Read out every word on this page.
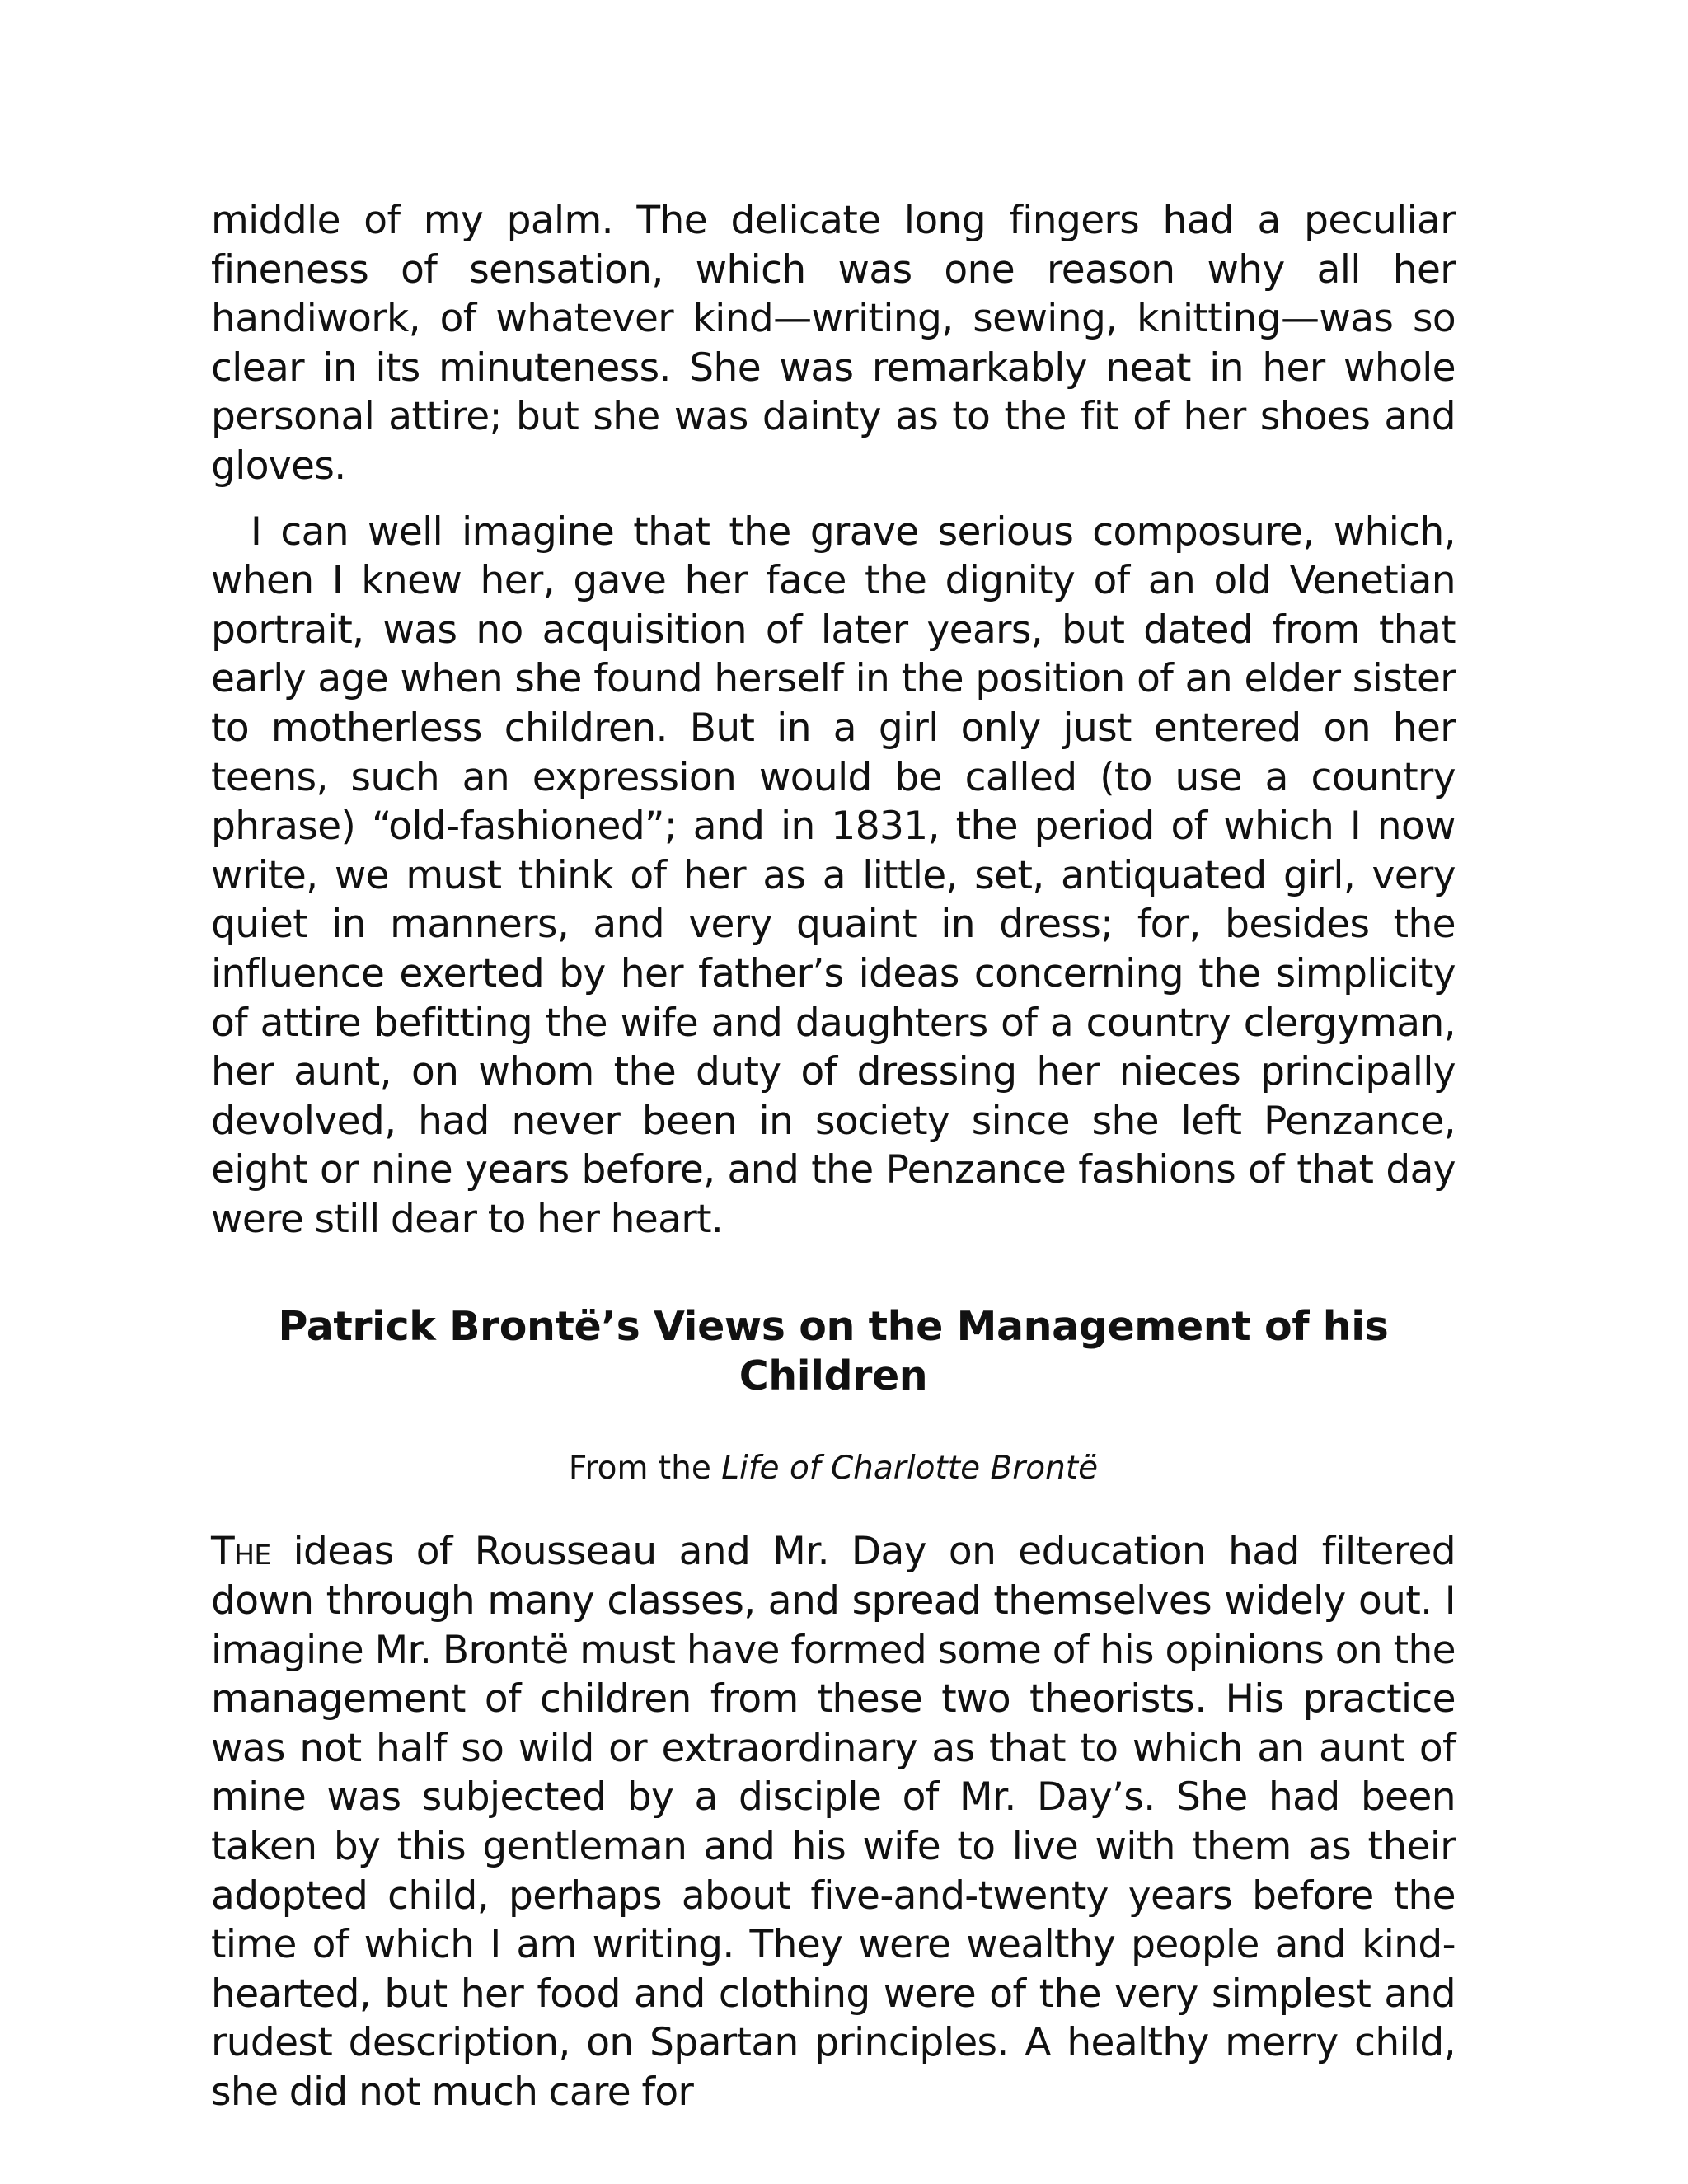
middle of my palm. The delicate long fingers had a peculiar fineness of sensation, which was one reason why all her handiwork, of whatever kind—writing, sewing, knitting—was so clear in its minuteness. She was remarkably neat in her whole personal attire; but she was dainty as to the fit of her shoes and gloves.

I can well imagine that the grave serious composure, which, when I knew her, gave her face the dignity of an old Venetian portrait, was no acquisition of later years, but dated from that early age when she found herself in the position of an elder sister to motherless children. But in a girl only just entered on her teens, such an expression would be called (to use a country phrase) “old-fashioned”; and in 1831, the period of which I now write, we must think of her as a little, set, antiquated girl, very quiet in manners, and very quaint in dress; for, besides the influence exerted by her father’s ideas concerning the simplicity of attire befitting the wife and daughters of a country clergyman, her aunt, on whom the duty of dressing her nieces principally devolved, had never been in society since she left Penzance, eight or nine years before, and the Penzance fashions of that day were still dear to her heart.

Patrick Brontë’s Views on the Management of his Children

From the Life of Charlotte Brontë

The ideas of Rousseau and Mr. Day on education had filtered down through many classes, and spread themselves widely out. I imagine Mr. Brontë must have formed some of his opinions on the management of children from these two theorists. His practice was not half so wild or extraordinary as that to which an aunt of mine was subjected by a disciple of Mr. Day’s. She had been taken by this gentleman and his wife to live with them as their adopted child, perhaps about five-and-twenty years before the time of which I am writing. They were wealthy people and kind-hearted, but her food and clothing were of the very simplest and rudest description, on Spartan principles. A healthy merry child, she did not much care for
